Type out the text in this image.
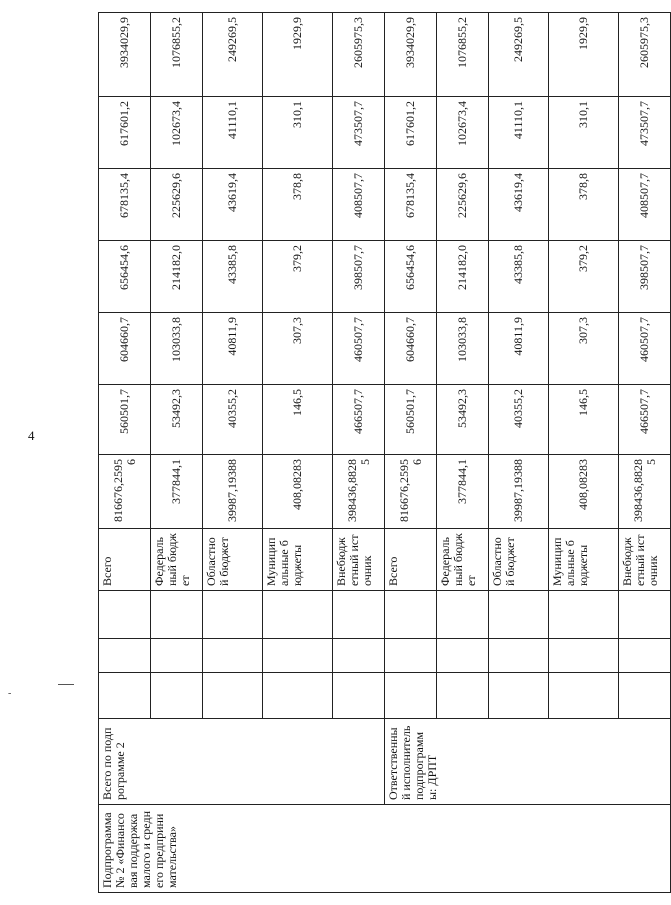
4
-
Подпрограмма№ 2 «Финансовая поддержка малого и среднего предпринимательства»	Всего по подпрограмме 2				Всего	816676,25956	560501,7	604660,7	656454,6	678135,4	617601,2	3934029,9
					Федеральный бюджет	377844,1	53492,3	103033,8	214182,0	225629,6	102673,4	1076855,2
					Областной бюджет	39987,19388	40355,2	40811,9	43385,8	43619,4	41110,1	249269,5
					Муниципальные бюджеты	408,08283	146,5	307,3	379,2	378,8	310,1	1929,9
					Внебюджетный источник	398436,88285	466507,7	460507,7	398507,7	408507,7	473507,7	2605975,3
	Ответственный исполнитель подпрограммы: ДРПТ				Всего	816676,25956	560501,7	604660,7	656454,6	678135,4	617601,2	3934029,9
					Федеральный бюджет	377844,1	53492,3	103033,8	214182,0	225629,6	102673,4	1076855,2
					Областной бюджет	39987,19388	40355,2	40811,9	43385,8	43619,4	41110,1	249269,5
					Муниципальные бюджеты	408,08283	146,5	307,3	379,2	378,8	310,1	1929,9
					Внебюджетный источник	398436,88285	466507,7	460507,7	398507,7	408507,7	473507,7	2605975,3
